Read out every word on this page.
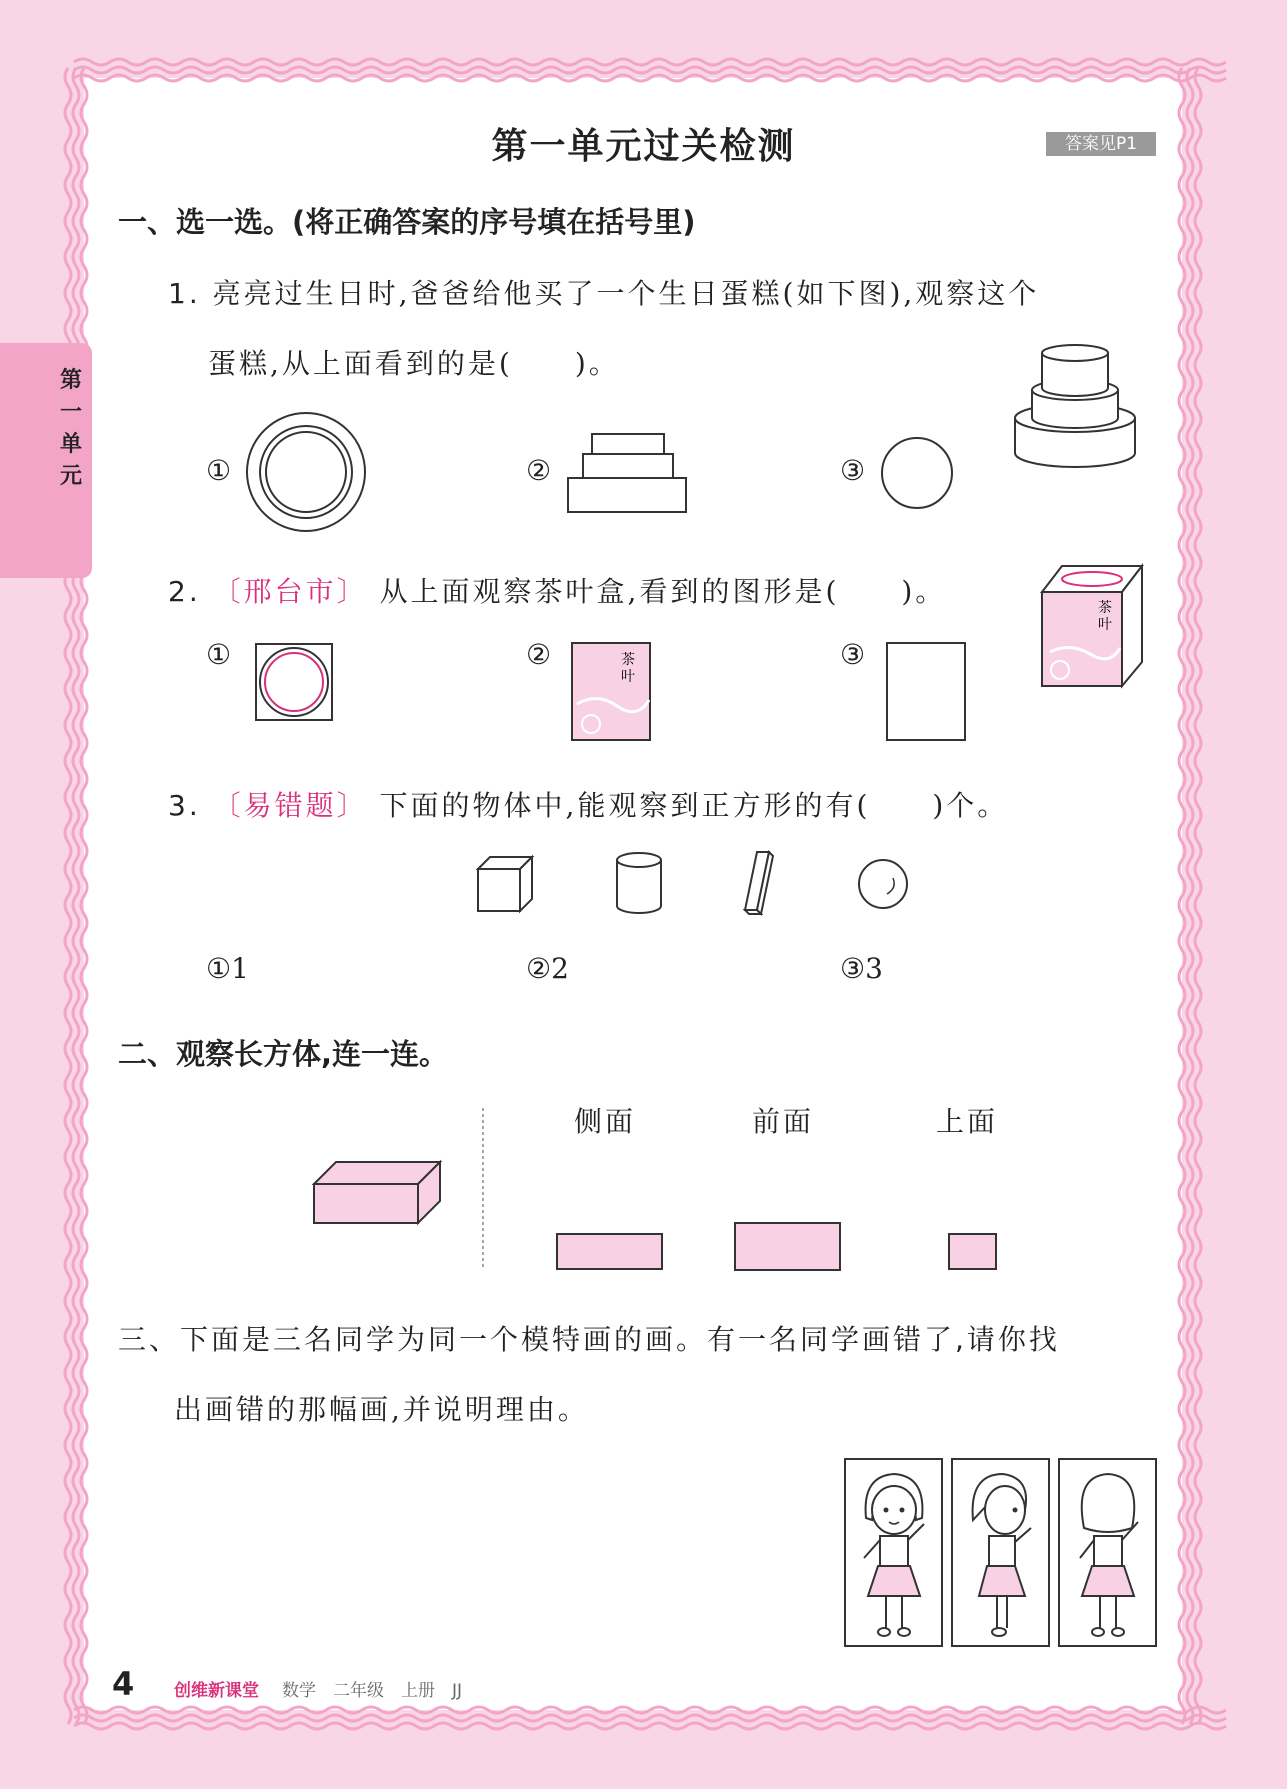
第一单元
第一单元过关检测	答案见P1
一、选一选。(将正确答案的序号填在括号里)
1. 亮亮过生日时,爸爸给他买了一个生日蛋糕(如下图),观察这个
蛋糕,从上面看到的是(　　)。
①	②	③
2. 〔邢台市〕 从上面观察茶叶盒,看到的图形是(　　)。	茶
叶
①	②	茶
叶
③
3. 〔易错题〕 下面的物体中,能观察到正方形的有(　　)个。
①1	②2	③3
二、观察长方体,连一连。
侧面	前面	上面
三、下面是三名同学为同一个模特画的画。有一名同学画错了,请你找
出画错的那幅画,并说明理由。
4 创维新课堂 数学　二年级　上册　JJ
